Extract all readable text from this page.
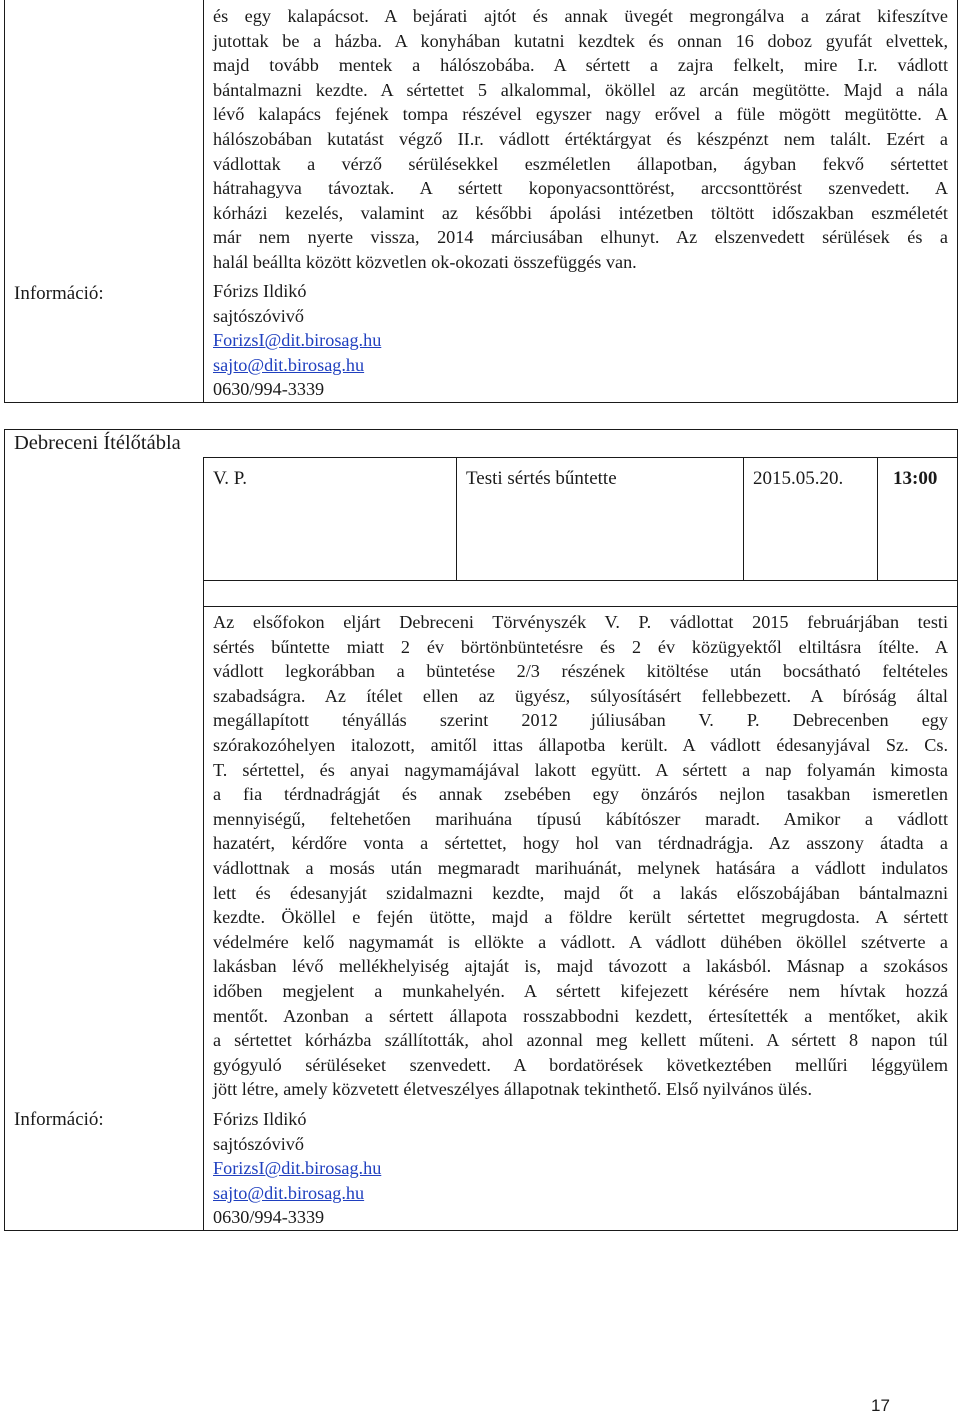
és egy kalapácsot. A bejárati ajtót és annak üvegét megrongálva a zárat kifeszítve
jutottak be a házba. A konyhában kutatni kezdtek és onnan 16 doboz gyufát elvettek,
majd tovább mentek a hálószobába. A sértett a zajra felkelt, mire I.r. vádlott
bántalmazni kezdte. A sértettet 5 alkalommal, ököllel az arcán megütötte. Majd a nála
lévő kalapács fejének tompa részével egyszer nagy erővel a füle mögött megütötte. A
hálószobában kutatást végző II.r. vádlott értéktárgyat és készpénzt nem talált. Ezért a
vádlottak a vérző sérülésekkel eszméletlen állapotban, ágyban fekvő sértettet
hátrahagyva távoztak. A sértett koponyacsonttörést, arccsonttörést szenvedett. A
kórházi kezelés, valamint az későbbi ápolási intézetben töltött időszakban eszméletét
már nem nyerte vissza, 2014 márciusában elhunyt. Az elszenvedett sérülések és a
halál beállta között közvetlen ok-okozati összefüggés van.

Információ:	Fórizs Ildikó
sajtószóvivő
ForizsI@dit.birosag.hu
sajto@dit.birosag.hu
0630/994-3339
Debreceni Ítélőtábla
V. P.	Testi sértés bűntette	2015.05.20.	13:00

Az elsőfokon eljárt Debreceni Törvényszék V. P. vádlottat 2015 februárjában testi
sértés bűntette miatt 2 év börtönbüntetésre és 2 év közügyektől eltiltásra ítélte. A
vádlott legkorábban a büntetése 2/3 részének kitöltése után bocsátható feltételes
szabadságra. Az ítélet ellen az ügyész, súlyosításért fellebbezett. A bíróság által
megállapított tényállás szerint 2012 júliusában V. P. Debrecenben egy
szórakozóhelyen italozott, amitől ittas állapotba került. A vádlott édesanyjával Sz. Cs.
T. sértettel, és anyai nagymamájával lakott együtt. A sértett a nap folyamán kimosta
a fia térdnadrágját és annak zsebében egy önzárós nejlon tasakban ismeretlen
mennyiségű, feltehetően marihuána típusú kábítószer maradt. Amikor a vádlott
hazatért, kérdőre vonta a sértettet, hogy hol van térdnadrágja. Az asszony átadta a
vádlottnak a mosás után megmaradt marihuánát, melynek hatására a vádlott indulatos
lett és édesanyját szidalmazni kezdte, majd őt a lakás előszobájában bántalmazni
kezdte. Ököllel e fején ütötte, majd a földre került sértettet megrugdosta. A sértett
védelmére kelő nagymamát is ellökte a vádlott. A vádlott dühében ököllel szétverte a
lakásban lévő mellékhelyiség ajtaját is, majd távozott a lakásból. Másnap a szokásos
időben megjelent a munkahelyén. A sértett kifejezett kérésére nem hívtak hozzá
mentőt. Azonban a sértett állapota rosszabbodni kezdett, értesítették a mentőket, akik
a sértettet kórházba szállították, ahol azonnal meg kellett műteni. A sértett 8 napon túl
gyógyuló sérüléseket szenvedett. A bordatörések következtében mellűri léggyülem
jött létre, amely közvetett életveszélyes állapotnak tekinthető. Első nyilvános ülés.

Információ:	Fórizs Ildikó
sajtószóvivő
ForizsI@dit.birosag.hu
sajto@dit.birosag.hu
0630/994-3339
17
